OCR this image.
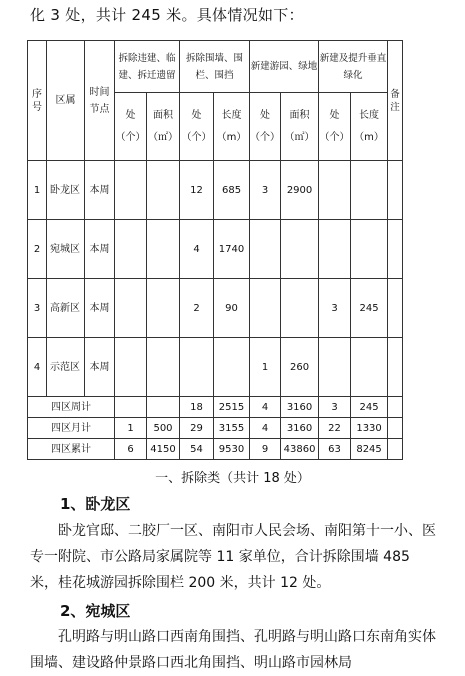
化 3 处，共计 245 米。具体情况如下：
序号	区属	时间节点	拆除违建、临建、拆迁遗留		拆除围墙、围栏、围挡		新建游园、绿地		新建及提升垂直绿化		备注
			处（个）	面积（㎡）	处（个）	长度（m）	处（个）	面积（㎡）	处（个）	长度（m）	
1	卧龙区	本周			12	685	3	2900			
2	宛城区	本周			4	1740					
3	高新区	本周			2	90			3	245	
4	示范区	本周					1	260			
四区周计					18	2515	4	3160	3	245	
四区月计			1	500	29	3155	4	3160	22	1330	
四区累计			6	4150	54	9530	9	43860	63	8245	
一、拆除类（共计 18 处）
1、卧龙区
卧龙官邸、二胶厂一区、南阳市人民会场、南阳第十一小、医专一附院、市公路局家属院等 11 家单位，合计拆除围墙 485 米，桂花城游园拆除围栏 200 米，共计 12 处。
2、宛城区
孔明路与明山路口西南角围挡、孔明路与明山路口东南角实体围墙、建设路仲景路口西北角围挡、明山路市园林局
